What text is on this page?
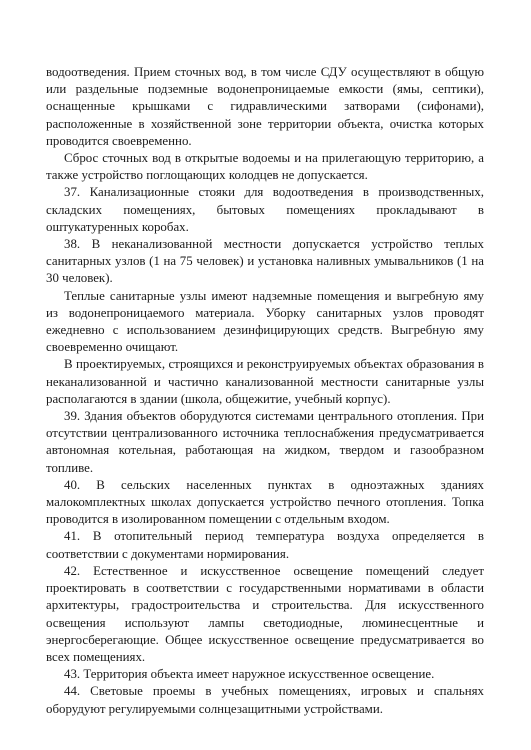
водоотведения. Прием сточных вод, в том числе СДУ осуществляют в общую или раздельные подземные водонепроницаемые емкости (ямы, септики), оснащенные крышками с гидравлическими затворами (сифонами), расположенные в хозяйственной зоне территории объекта, очистка которых проводится своевременно.

Сброс сточных вод в открытые водоемы и на прилегающую территорию, а также устройство поглощающих колодцев не допускается.

37. Канализационные стояки для водоотведения в производственных, складских помещениях, бытовых помещениях прокладывают в оштукатуренных коробах.

38. В неканализованной местности допускается устройство теплых санитарных узлов (1 на 75 человек) и установка наливных умывальников (1 на 30 человек).

Теплые санитарные узлы имеют надземные помещения и выгребную яму из водонепроницаемого материала. Уборку санитарных узлов проводят ежедневно с использованием дезинфицирующих средств. Выгребную яму своевременно очищают.

В проектируемых, строящихся и реконструируемых объектах образования в неканализованной и частично канализованной местности санитарные узлы располагаются в здании (школа, общежитие, учебный корпус).

39. Здания объектов оборудуются системами центрального отопления. При отсутствии централизованного источника теплоснабжения предусматривается автономная котельная, работающая на жидком, твердом и газообразном топливе.

40. В сельских населенных пунктах в одноэтажных зданиях малокомплектных школах допускается устройство печного отопления. Топка проводится в изолированном помещении с отдельным входом.

41. В отопительный период температура воздуха определяется в соответствии с документами нормирования.

42. Естественное и искусственное освещение помещений следует проектировать в соответствии с государственными нормативами в области архитектуры, градостроительства и строительства. Для искусственного освещения используют лампы светодиодные, люминесцентные и энергосберегающие. Общее искусственное освещение предусматривается во всех помещениях.

43. Территория объекта имеет наружное искусственное освещение.

44. Световые проемы в учебных помещениях, игровых и спальнях оборудуют регулируемыми солнцезащитными устройствами.
